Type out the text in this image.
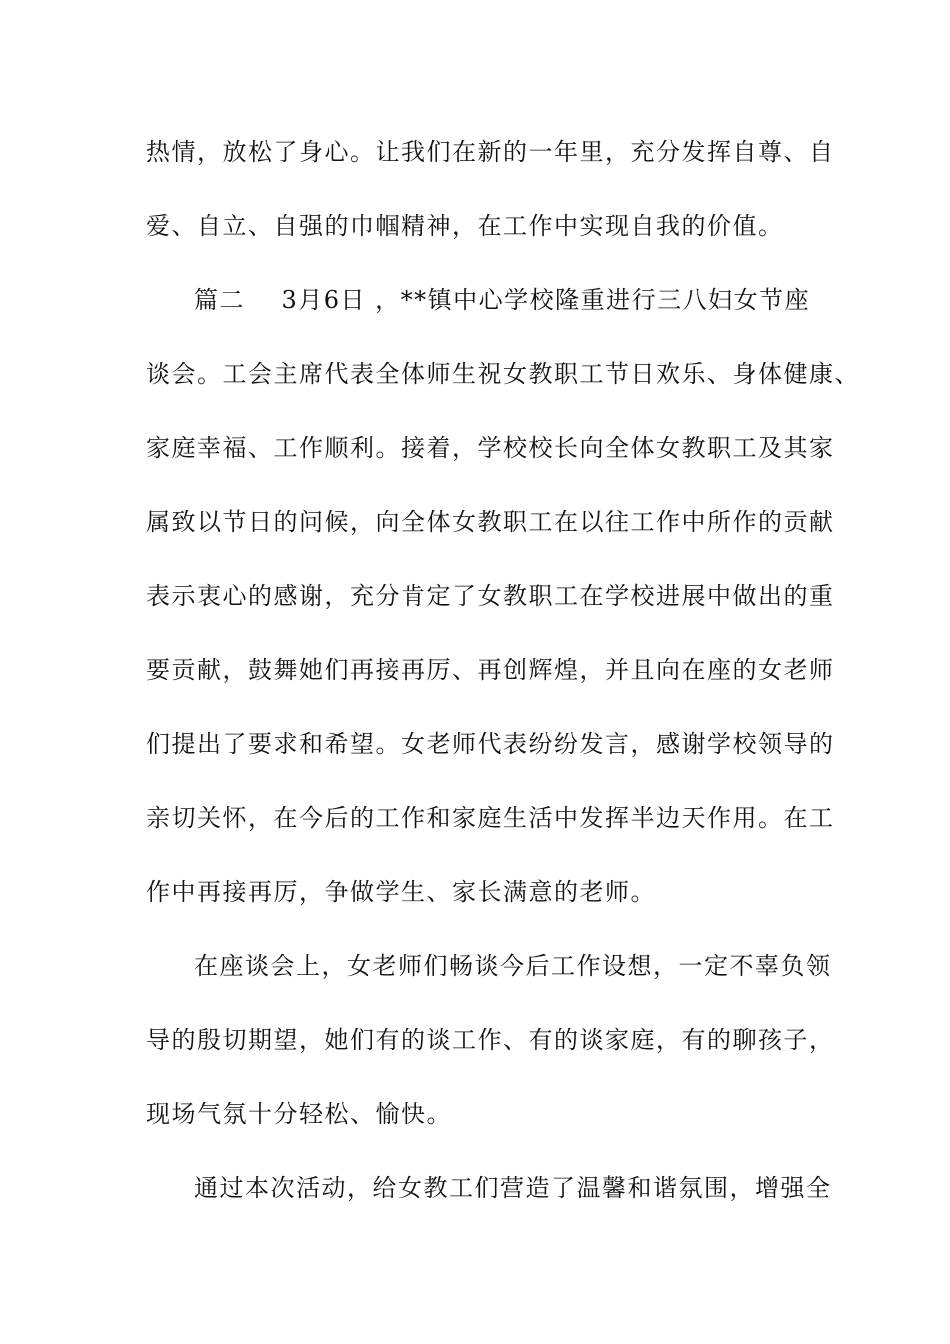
热情，放松了身心。让我们在新的一年里，充分发挥自尊、自
爱、自立、自强的巾帼精神，在工作中实现自我的价值。
篇二    3月6日 ，**镇中心学校隆重进行三八妇女节座
谈会。工会主席代表全体师生祝女教职工节日欢乐、身体健康、
家庭幸福、工作顺利。接着，学校校长向全体女教职工及其家
属致以节日的问候，向全体女教职工在以往工作中所作的贡献
表示衷心的感谢，充分肯定了女教职工在学校进展中做出的重
要贡献，鼓舞她们再接再厉、再创辉煌，并且向在座的女老师
们提出了要求和希望。女老师代表纷纷发言，感谢学校领导的
亲切关怀，在今后的工作和家庭生活中发挥半边天作用。在工
作中再接再厉，争做学生、家长满意的老师。
在座谈会上，女老师们畅谈今后工作设想，一定不辜负领
导的殷切期望，她们有的谈工作、有的谈家庭，有的聊孩子，
现场气氛十分轻松、愉快。
通过本次活动，给女教工们营造了温馨和谐氛围，增强全
